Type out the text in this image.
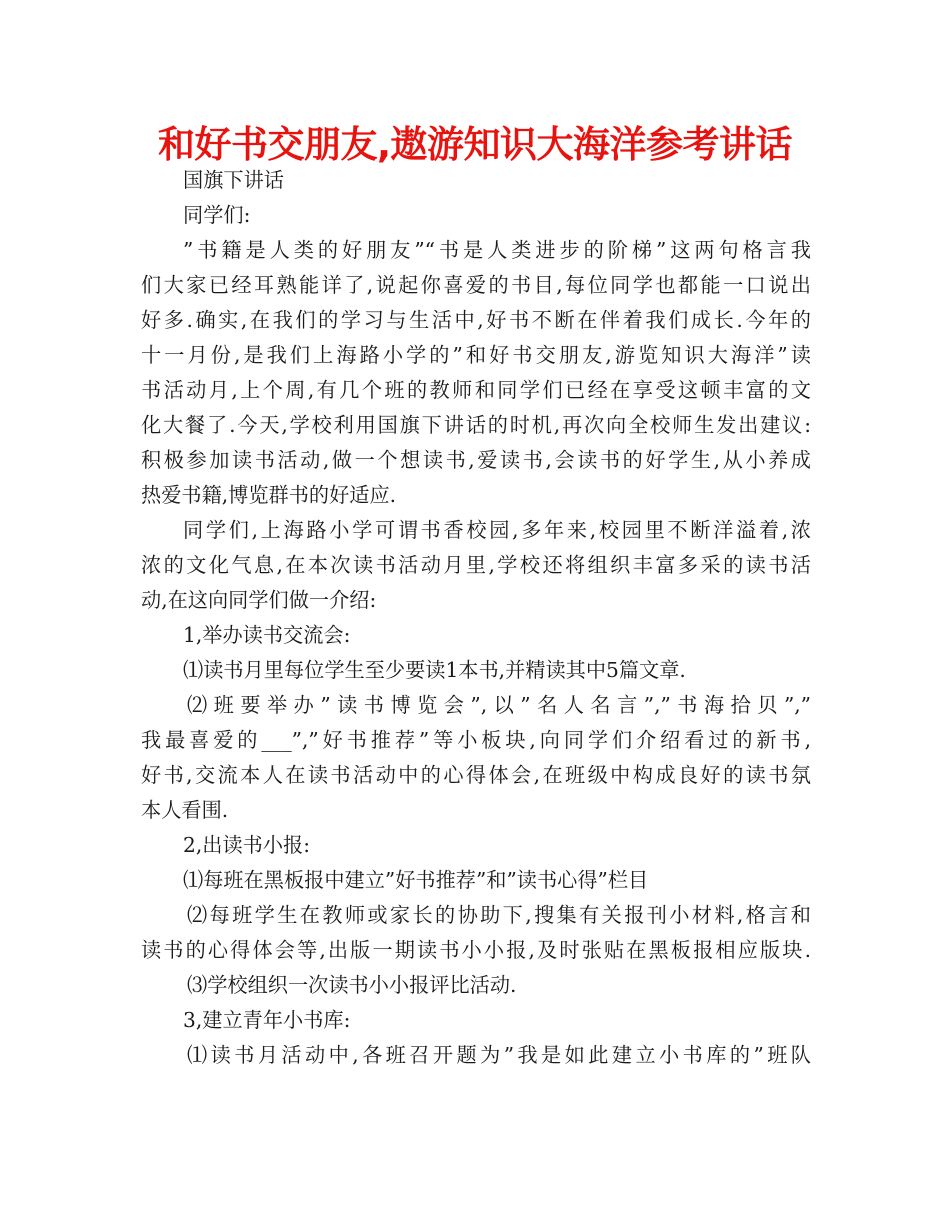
和好书交朋友,遨游知识大海洋参考讲话
国旗下讲话
同学们:
”书籍是人类的好朋友”“书是人类进步的阶梯”这两句格言我
们大家已经耳熟能详了,说起你喜爱的书目,每位同学也都能一口说出
好多.确实,在我们的学习与生活中,好书不断在伴着我们成长.今年的
十一月份,是我们上海路小学的”和好书交朋友,游览知识大海洋”读
书活动月,上个周,有几个班的教师和同学们已经在享受这顿丰富的文
化大餐了.今天,学校利用国旗下讲话的时机,再次向全校师生发出建议:
积极参加读书活动,做一个想读书,爱读书,会读书的好学生,从小养成
热爱书籍,博览群书的好适应.
同学们,上海路小学可谓书香校园,多年来,校园里不断洋溢着,浓
浓的文化气息,在本次读书活动月里,学校还将组织丰富多采的读书活
动,在这向同学们做一介绍:
1,举办读书交流会:
⑴读书月里每位学生至少要读1本书,并精读其中5篇文章.
⑵班要举办”读书博览会”,以”名人名言”,”书海拾贝”,”
我最喜爱的___”,”好书推荐”等小板块,向同学们介绍看过的新书,
好书,交流本人在读书活动中的心得体会,在班级中构成良好的读书氛
本人看围.
2,出读书小报:
⑴每班在黑板报中建立”好书推荐”和”读书心得”栏目
⑵每班学生在教师或家长的协助下,搜集有关报刊小材料,格言和
读书的心得体会等,出版一期读书小小报,及时张贴在黑板报相应版块.
⑶学校组织一次读书小小报评比活动.
3,建立青年小书库:
⑴读书月活动中,各班召开题为”我是如此建立小书库的”班队
